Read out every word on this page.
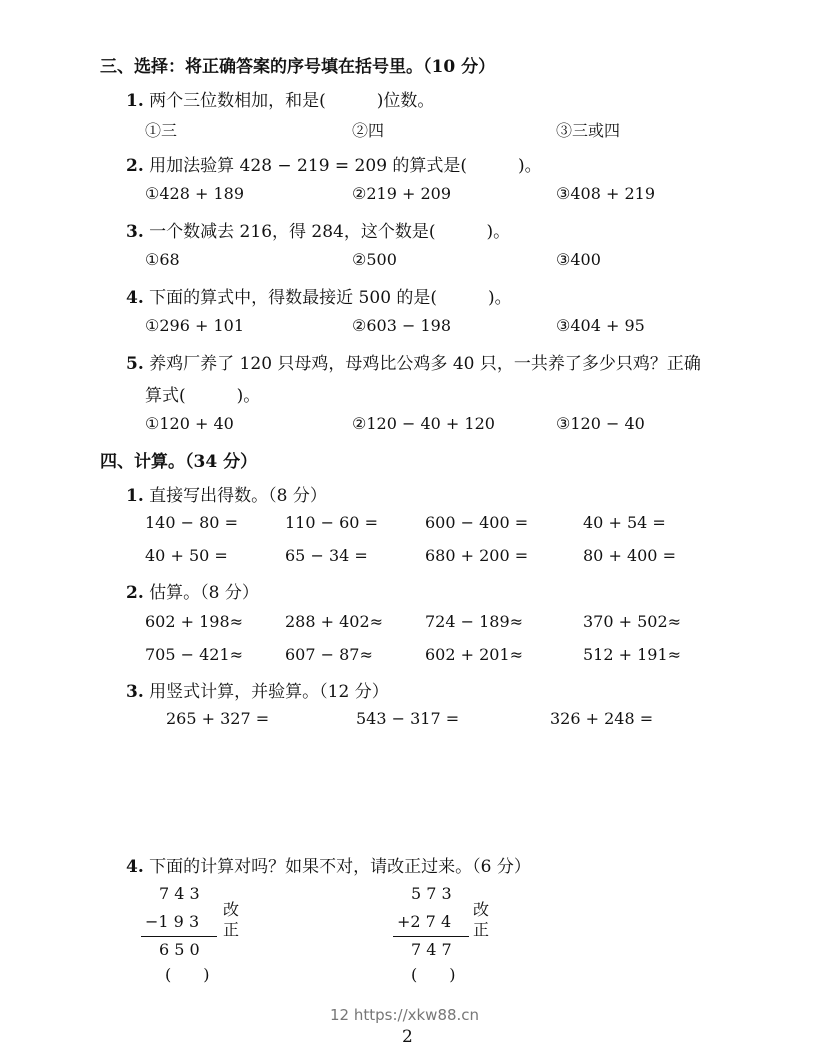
三、选择：将正确答案的序号填在括号里。（10 分）
1. 两个三位数相加，和是(　　　)位数。
①三	②四	③三或四
2. 用加法验算 428 − 219 = 209 的算式是(　　　)。
①428 + 189	②219 + 209	③408 + 219
3. 一个数减去 216，得 284，这个数是(　　　)。
①68	②500	③400
4. 下面的算式中，得数最接近 500 的是(　　　)。
①296 + 101	②603 − 198	③404 + 95
5. 养鸡厂养了 120 只母鸡，母鸡比公鸡多 40 只，一共养了多少只鸡？正确
算式(　　　)。
①120 + 40	②120 − 40 + 120	③120 − 40
四、计算。（34 分）
1. 直接写出得数。（8 分）
140 − 80 =	110 − 60 =	600 − 400 =	40 + 54 =
40 + 50 =	65 − 34 =	680 + 200 =	80 + 400 =
2. 估算。（8 分）
602 + 198≈	288 + 402≈	724 − 189≈	370 + 502≈
705 − 421≈	607 − 87≈	602 + 201≈	512 + 191≈
3. 用竖式计算，并验算。（12 分）
265 + 327 =	543 − 317 =	326 + 248 =
4. 下面的计算对吗？如果不对，请改正过来。（6 分）
7 4 3
−1 9 3
6 5 0
(　　)
改
正
5 7 3
+2 7 4
7 4 7
(　　)
改
正
12 https://xkw88.cn
2
